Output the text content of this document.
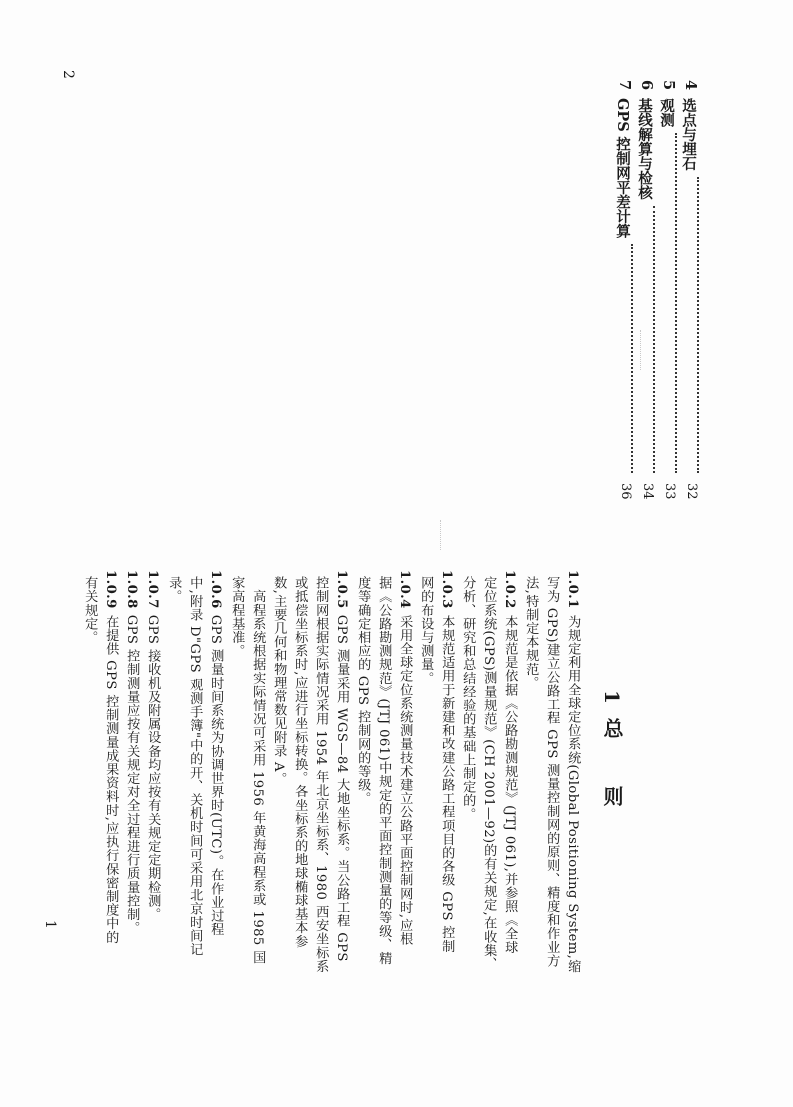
2
1
4
选点与埋石
32
5
观测
33
6
基线解算与检核
34
7
GPS 控制网平差计算
36
1总　则
1.0.1为规定利用全球定位系统(Global Positioning System,缩
写为 GPS)建立公路工程 GPS 测量控制网的原则、精度和作业方
法,特制定本规范。
1.0.2本规范是依据《公路勘测规范》(JTJ 061),并参照《全球
定位系统(GPS)测量规范》(CH 2001—92)的有关规定,在收集、
分析、研究和总结经验的基础上制定的。
1.0.3本规范适用于新建和改建公路工程项目的各级 GPS 控制
网的布设与测量。
1.0.4采用全球定位系统测量技术建立公路平面控制网时,应根
据《公路勘测规范》(JTJ 061)中规定的平面控制测量的等级、精
度等确定相应的 GPS 控制网的等级。
1.0.5GPS 测量采用 WGS—84 大地坐标系。当公路工程 GPS
控制网根据实际情况采用 1954 年北京坐标系、1980 西安坐标系
或抵偿坐标系时,应进行坐标转换。各坐标系的地球椭球基本参
数,主要几何和物理常数见附录 A。
　高程系统根据实际情况可采用 1956 年黄海高程系或 1985 国
家高程基准。
1.0.6GPS 测量时间系统为协调世界时(UTC)。在作业过程
中,附录 D"GPS 观测手簿"中的开、关机时间可采用北京时间记
录。
1.0.7GPS 接收机及附属设备均应按有关规定定期检测。
1.0.8GPS 控制测量应按有关规定对全过程进行质量控制。
1.0.9在提供 GPS 控制测量成果资料时,应执行保密制度中的
有关规定。
